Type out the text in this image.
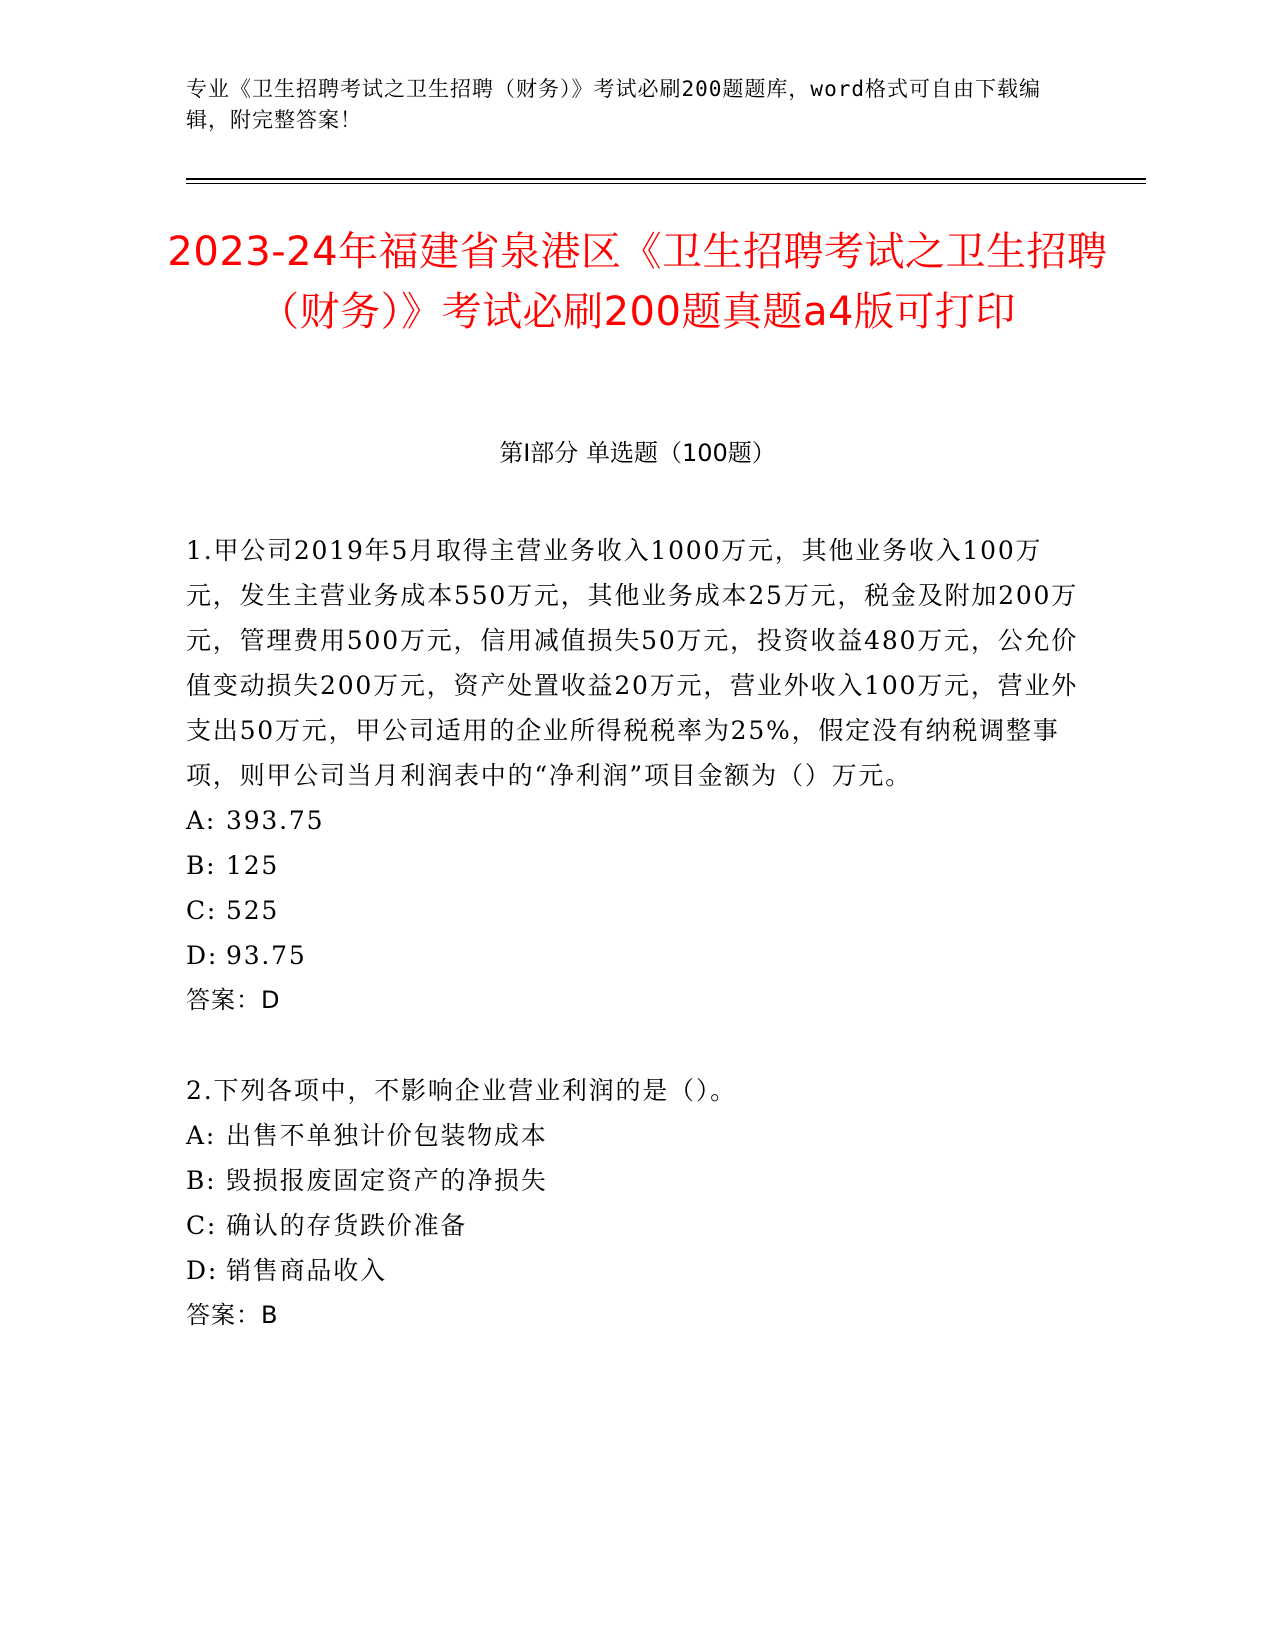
专业《卫生招聘考试之卫生招聘（财务）》考试必刷200题题库，word格式可自由下载编辑，附完整答案！
2023-24年福建省泉港区《卫生招聘考试之卫生招聘（财务）》考试必刷200题真题a4版可打印
第Ⅰ部分 单选题（100题）
1.甲公司2019年5月取得主营业务收入1000万元，其他业务收入100万元，发生主营业务成本550万元，其他业务成本25万元，税金及附加200万元，管理费用500万元，信用减值损失50万元，投资收益480万元，公允价值变动损失200万元，资产处置收益20万元，营业外收入100万元，营业外支出50万元，甲公司适用的企业所得税税率为25%，假定没有纳税调整事项，则甲公司当月利润表中的“净利润”项目金额为（）万元。
A: 393.75
B: 125
C: 525
D: 93.75
答案：D
2.下列各项中，不影响企业营业利润的是（）。
A: 出售不单独计价包装物成本
B: 毁损报废固定资产的净损失
C: 确认的存货跌价准备
D: 销售商品收入
答案：B
